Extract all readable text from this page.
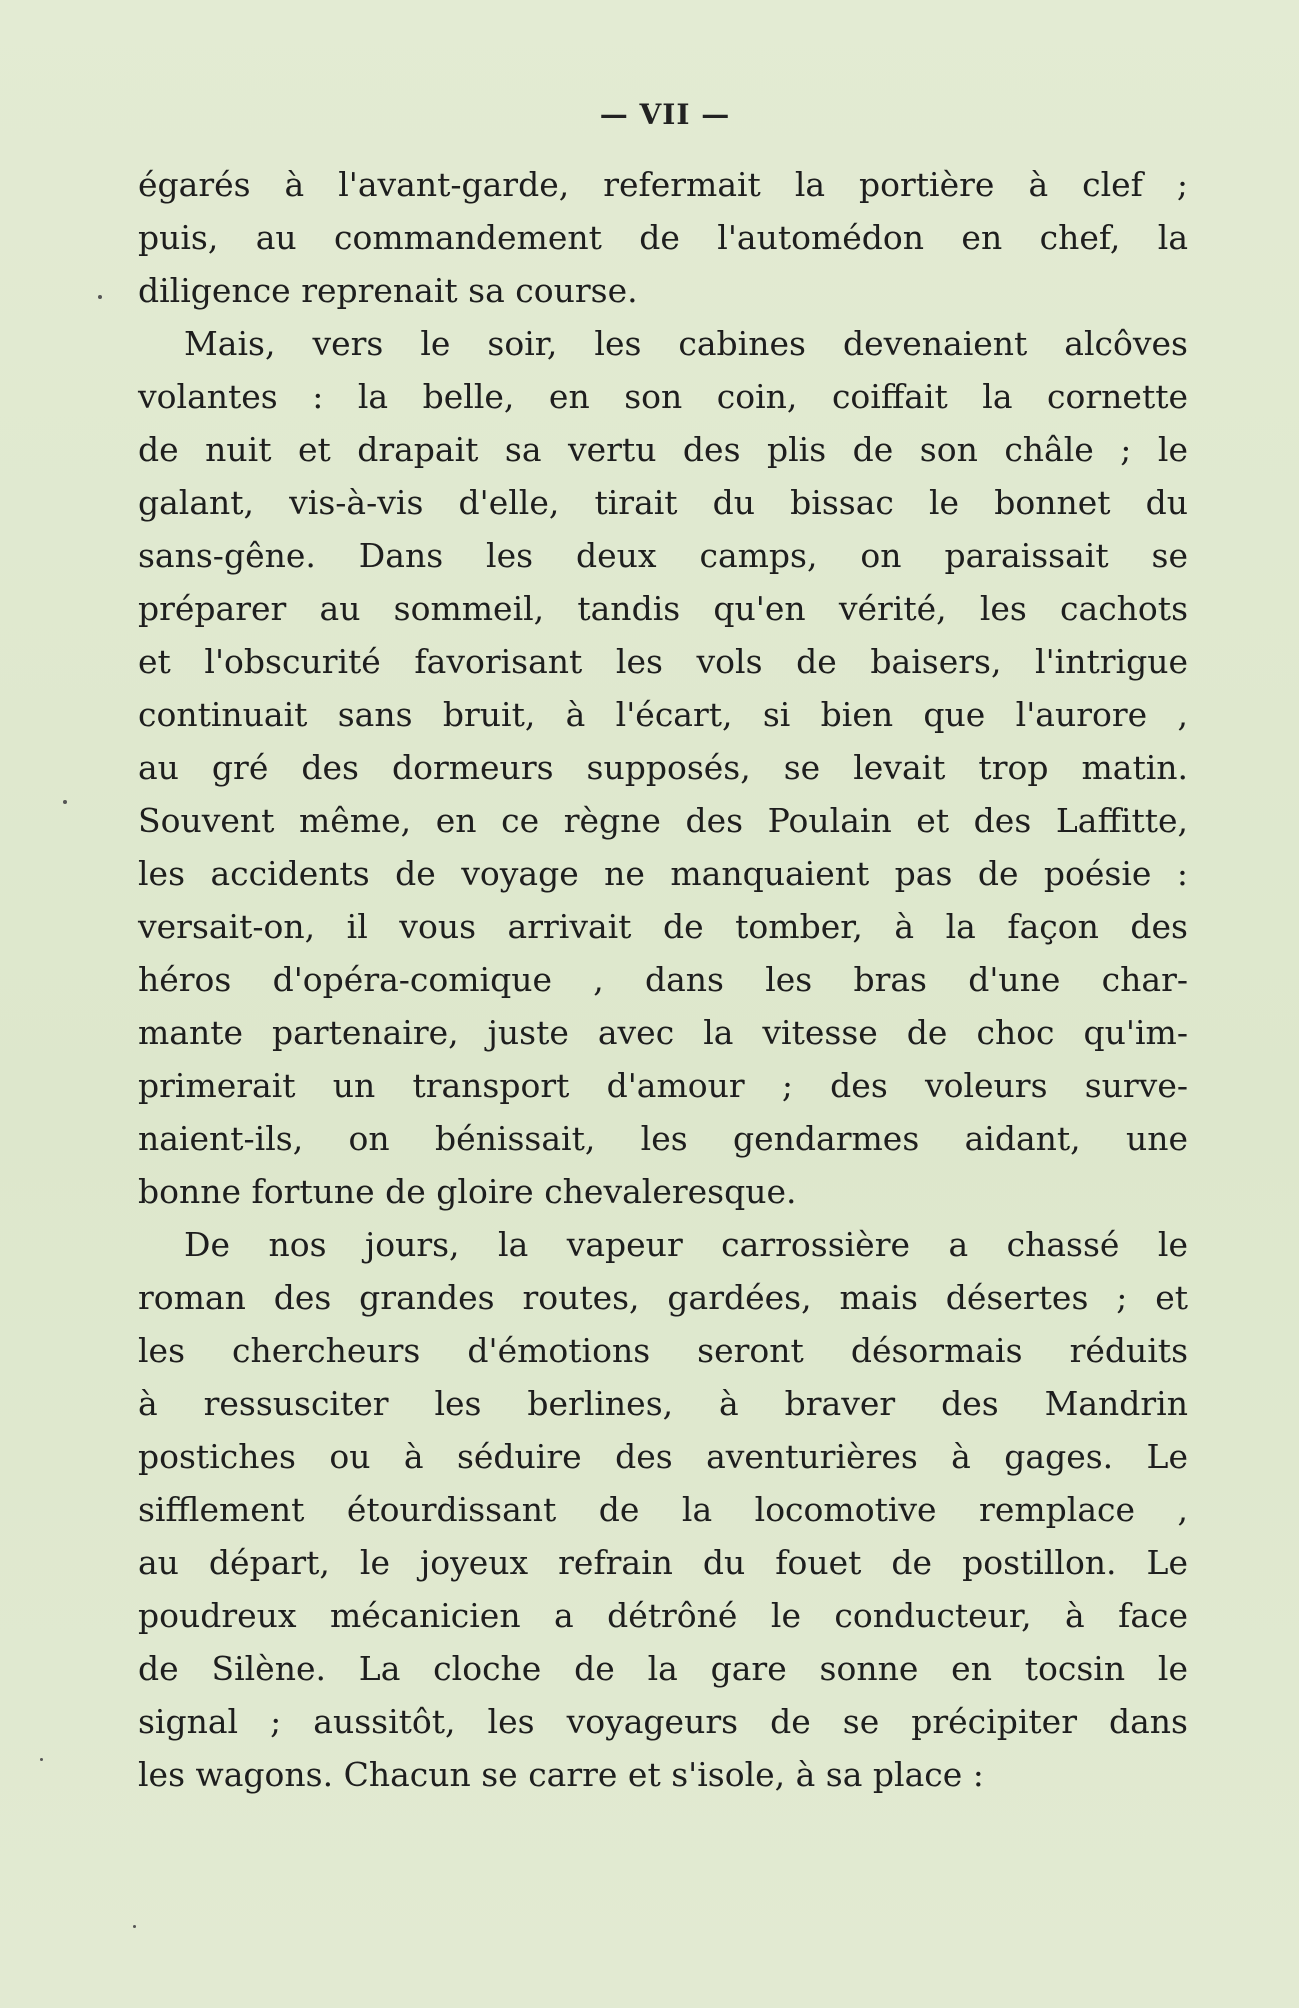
— VII —
égarés à l'avant-garde, refermait la portière à clef ;
puis, au commandement de l'automédon en chef, la
diligence reprenait sa course.
Mais, vers le soir, les cabines devenaient alcôves
volantes : la belle, en son coin, coiffait la cornette
de nuit et drapait sa vertu des plis de son châle ; le
galant, vis-à-vis d'elle, tirait du bissac le bonnet du
sans-gêne. Dans les deux camps, on paraissait se
préparer au sommeil, tandis qu'en vérité, les cachots
et l'obscurité favorisant les vols de baisers, l'intrigue
continuait sans bruit, à l'écart, si bien que l'aurore ,
au gré des dormeurs supposés, se levait trop matin.
Souvent même, en ce règne des Poulain et des Laffitte,
les accidents de voyage ne manquaient pas de poésie :
versait-on, il vous arrivait de tomber, à la façon des
héros d'opéra-comique , dans les bras d'une char-
mante partenaire, juste avec la vitesse de choc qu'im-
primerait un transport d'amour ; des voleurs surve-
naient-ils, on bénissait, les gendarmes aidant, une
bonne fortune de gloire chevaleresque.
De nos jours, la vapeur carrossière a chassé le
roman des grandes routes, gardées, mais désertes ; et
les chercheurs d'émotions seront désormais réduits
à ressusciter les berlines, à braver des Mandrin
postiches ou à séduire des aventurières à gages. Le
sifflement étourdissant de la locomotive remplace ,
au départ, le joyeux refrain du fouet de postillon. Le
poudreux mécanicien a détrôné le conducteur, à face
de Silène. La cloche de la gare sonne en tocsin le
signal ; aussitôt, les voyageurs de se précipiter dans
les wagons. Chacun se carre et s'isole, à sa place :
